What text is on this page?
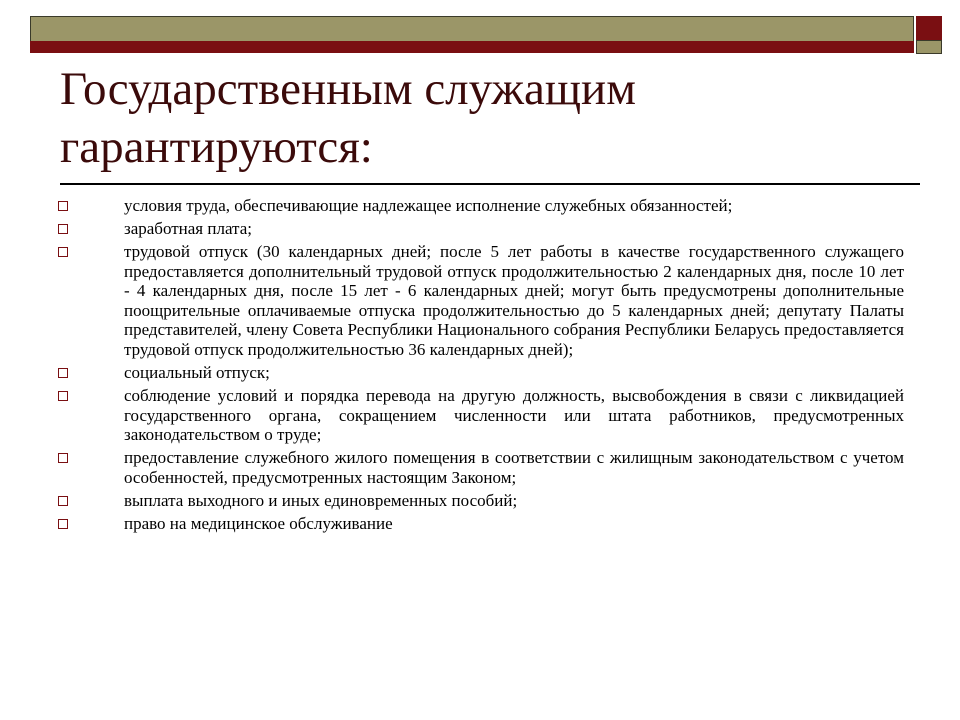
Государственным служащим гарантируются:
условия труда, обеспечивающие надлежащее исполнение служебных обязанностей;
заработная плата;
трудовой отпуск (30 календарных дней; после 5 лет работы в качестве государственного служащего предоставляется дополнительный трудовой отпуск продолжительностью 2 календарных дня, после 10 лет - 4 календарных дня, после 15 лет - 6 календарных дней; могут быть предусмотрены дополнительные поощрительные оплачиваемые отпуска продолжительностью до 5 календарных дней; депутату Палаты представителей, члену Совета Республики Национального собрания Республики Беларусь предоставляется трудовой отпуск продолжительностью 36 календарных дней);
социальный отпуск;
соблюдение условий и порядка перевода на другую должность, высвобождения в связи с ликвидацией государственного органа, сокращением численности или штата работников, предусмотренных законодательством о труде;
предоставление служебного жилого помещения в соответствии с жилищным законодательством с учетом особенностей, предусмотренных настоящим Законом;
выплата выходного и иных единовременных пособий;
право на медицинское обслуживание
